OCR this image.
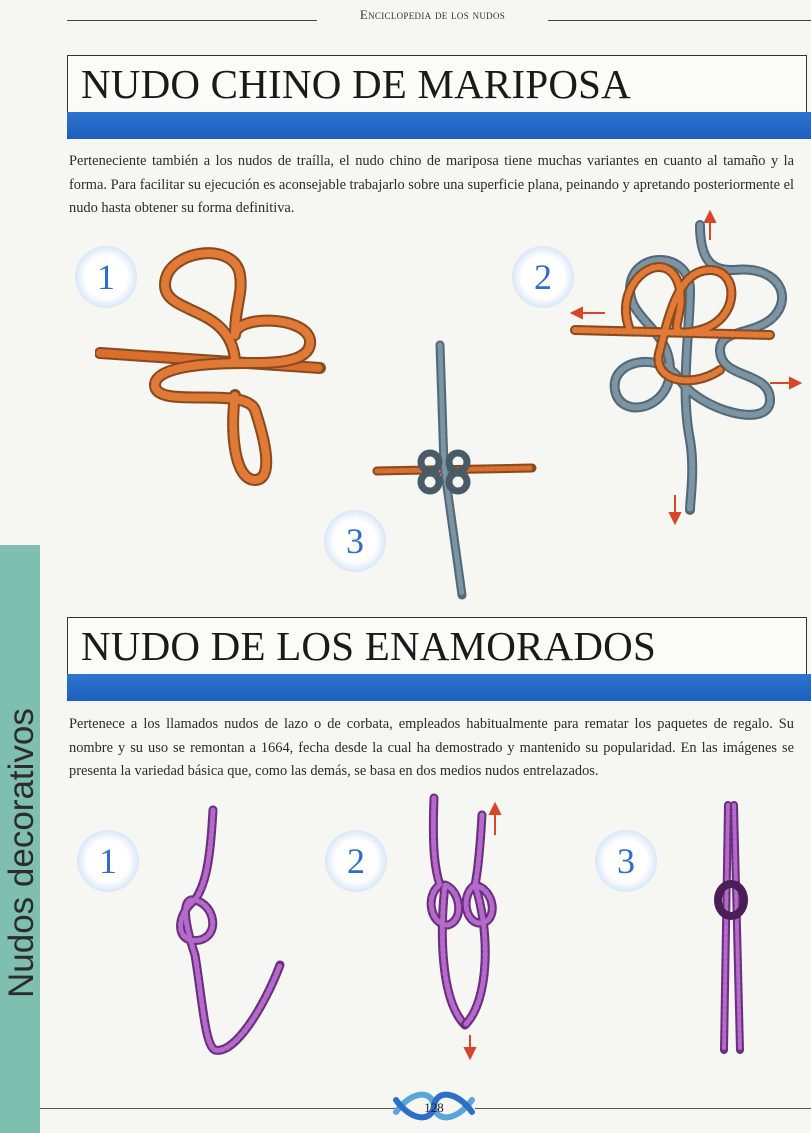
Enciclopedia de los nudos
NUDO CHINO DE MARIPOSA
Perteneciente también a los nudos de traílla, el nudo chino de mariposa tiene muchas variantes en cuanto al tamaño y la forma. Para facilitar su ejecución es aconsejable trabajarlo sobre una superficie plana, peinando y apretando posteriormente el nudo hasta obtener su forma definitiva.
1	2
3
NUDO DE LOS ENAMORADOS
Pertenece a los llamados nudos de lazo o de corbata, empleados habitualmente para rematar los paquetes de regalo. Su nombre y su uso se remontan a 1664, fecha desde la cual ha demostrado y mantenido su popularidad. En las imágenes se presenta la variedad básica que, como las demás, se basa en dos medios nudos entrelazados.
1	2	3
Nudos decorativos
128
